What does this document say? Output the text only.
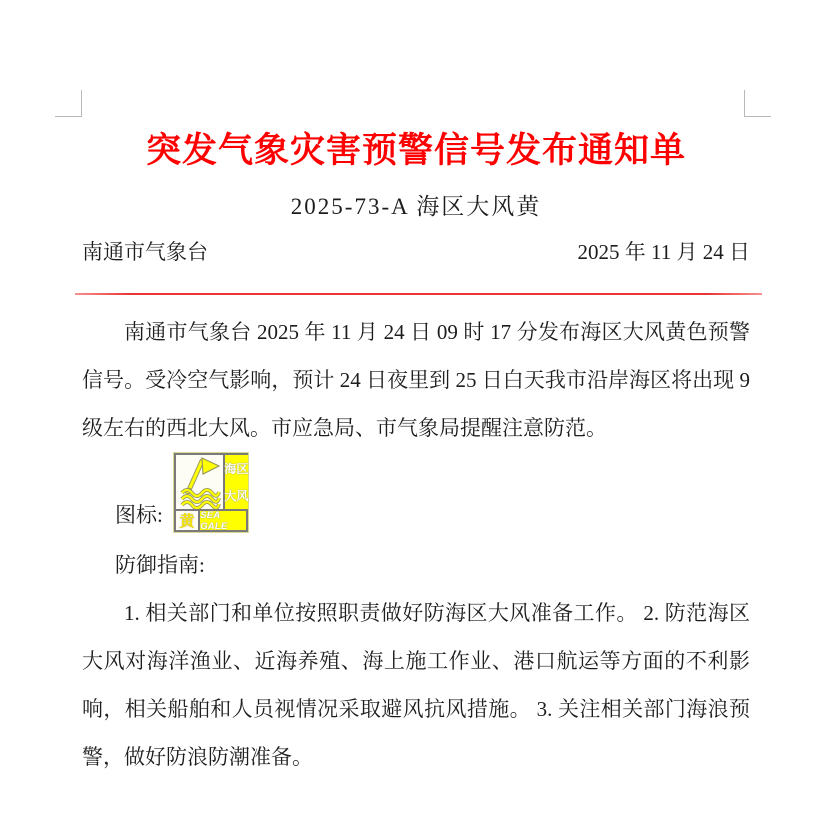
突发气象灾害预警信号发布通知单
2025-73-A 海区大风黄
南通市气象台	2025 年 11 月 24 日
南通市气象台 2025 年 11 月 24 日 09 时 17 分发布海区大风黄色预警信号。受冷空气影响，预计 24 日夜里到 25 日白天我市沿岸海区将出现 9 级左右的西北大风。市应急局、市气象局提醒注意防范。
图标:
海 区
大 风
黄 SEA GALE
防御指南:
1. 相关部门和单位按照职责做好防海区大风准备工作。 2. 防范海区大风对海洋渔业、近海养殖、海上施工作业、港口航运等方面的不利影响，相关船舶和人员视情况采取避风抗风措施。 3. 关注相关部门海浪预警，做好防浪防潮准备。
